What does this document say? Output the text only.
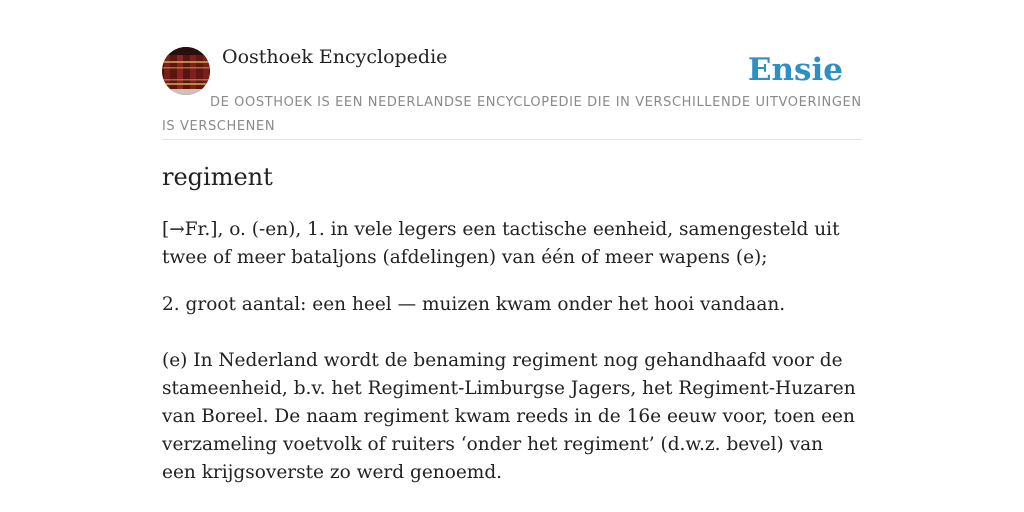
Oosthoek Encyclopedie	Ensie
DE OOSTHOEK IS EEN NEDERLANDSE ENCYCLOPEDIE DIE IN VERSCHILLENDE UITVOERINGEN IS VERSCHENEN
regiment

[→Fr.], o. (-en), 1. in vele legers een tactische eenheid, samengesteld uit twee of meer bataljons (afdelingen) van één of meer wapens (e);

2. groot aantal: een heel — muizen kwam onder het hooi vandaan.

(e) In Nederland wordt de benaming regiment nog gehandhaafd voor de stameenheid, b.v. het Regiment-Limburgse Jagers, het Regiment-Huzaren van Boreel. De naam regiment kwam reeds in de 16e eeuw voor, toen een verzameling voetvolk of ruiters ‘onder het regiment’ (d.w.z. bevel) van een krijgsoverste zo werd genoemd.
